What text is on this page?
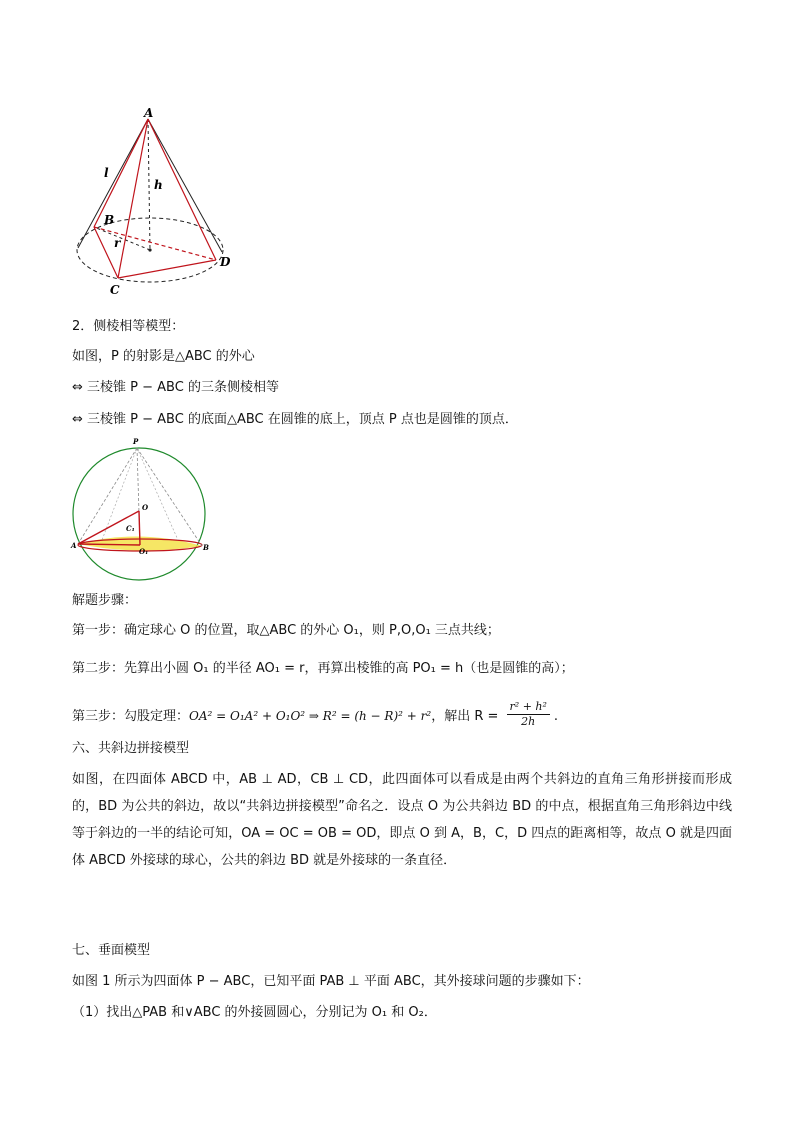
A
l
h
B
r
D
C
2．侧棱相等模型：
如图，P 的射影是△ABC 的外心
⇔ 三棱锥 P − ABC 的三条侧棱相等
⇔ 三棱锥 P − ABC 的底面△ABC 在圆锥的底上，顶点 P 点也是圆锥的顶点．
P
O
C₁
O₁
A	B
解题步骤：
第一步：确定球心 O 的位置，取△ABC 的外心 O₁，则 P,O,O₁ 三点共线；
第二步：先算出小圆 O₁ 的半径 AO₁ = r，再算出棱锥的高 PO₁ = h（也是圆锥的高）；
第三步：勾股定理：OA² = O₁A² + O₁O² ⇒ R² = (h − R)² + r²，解出 $R = \frac{\text{r² + h²}}{2h}$ .
六、共斜边拼接模型
如图，在四面体 ABCD 中，AB ⊥ AD，CB ⊥ CD，此四面体可以看成是由两个共斜边的直角三角形拼接而形成的，BD 为公共的斜边，故以“共斜边拼接模型”命名之．设点 O 为公共斜边 BD 的中点，根据直角三角形斜边中线等于斜边的一半的结论可知，OA = OC = OB = OD，即点 O 到 A，B，C，D 四点的距离相等，故点 O 就是四面体 ABCD 外接球的球心，公共的斜边 BD 就是外接球的一条直径．
七、垂面模型
如图 1 所示为四面体 P − ABC，已知平面 PAB ⊥ 平面 ABC，其外接球问题的步骤如下：
（1）找出△PAB 和∨ABC 的外接圆圆心，分别记为 O₁ 和 O₂．
